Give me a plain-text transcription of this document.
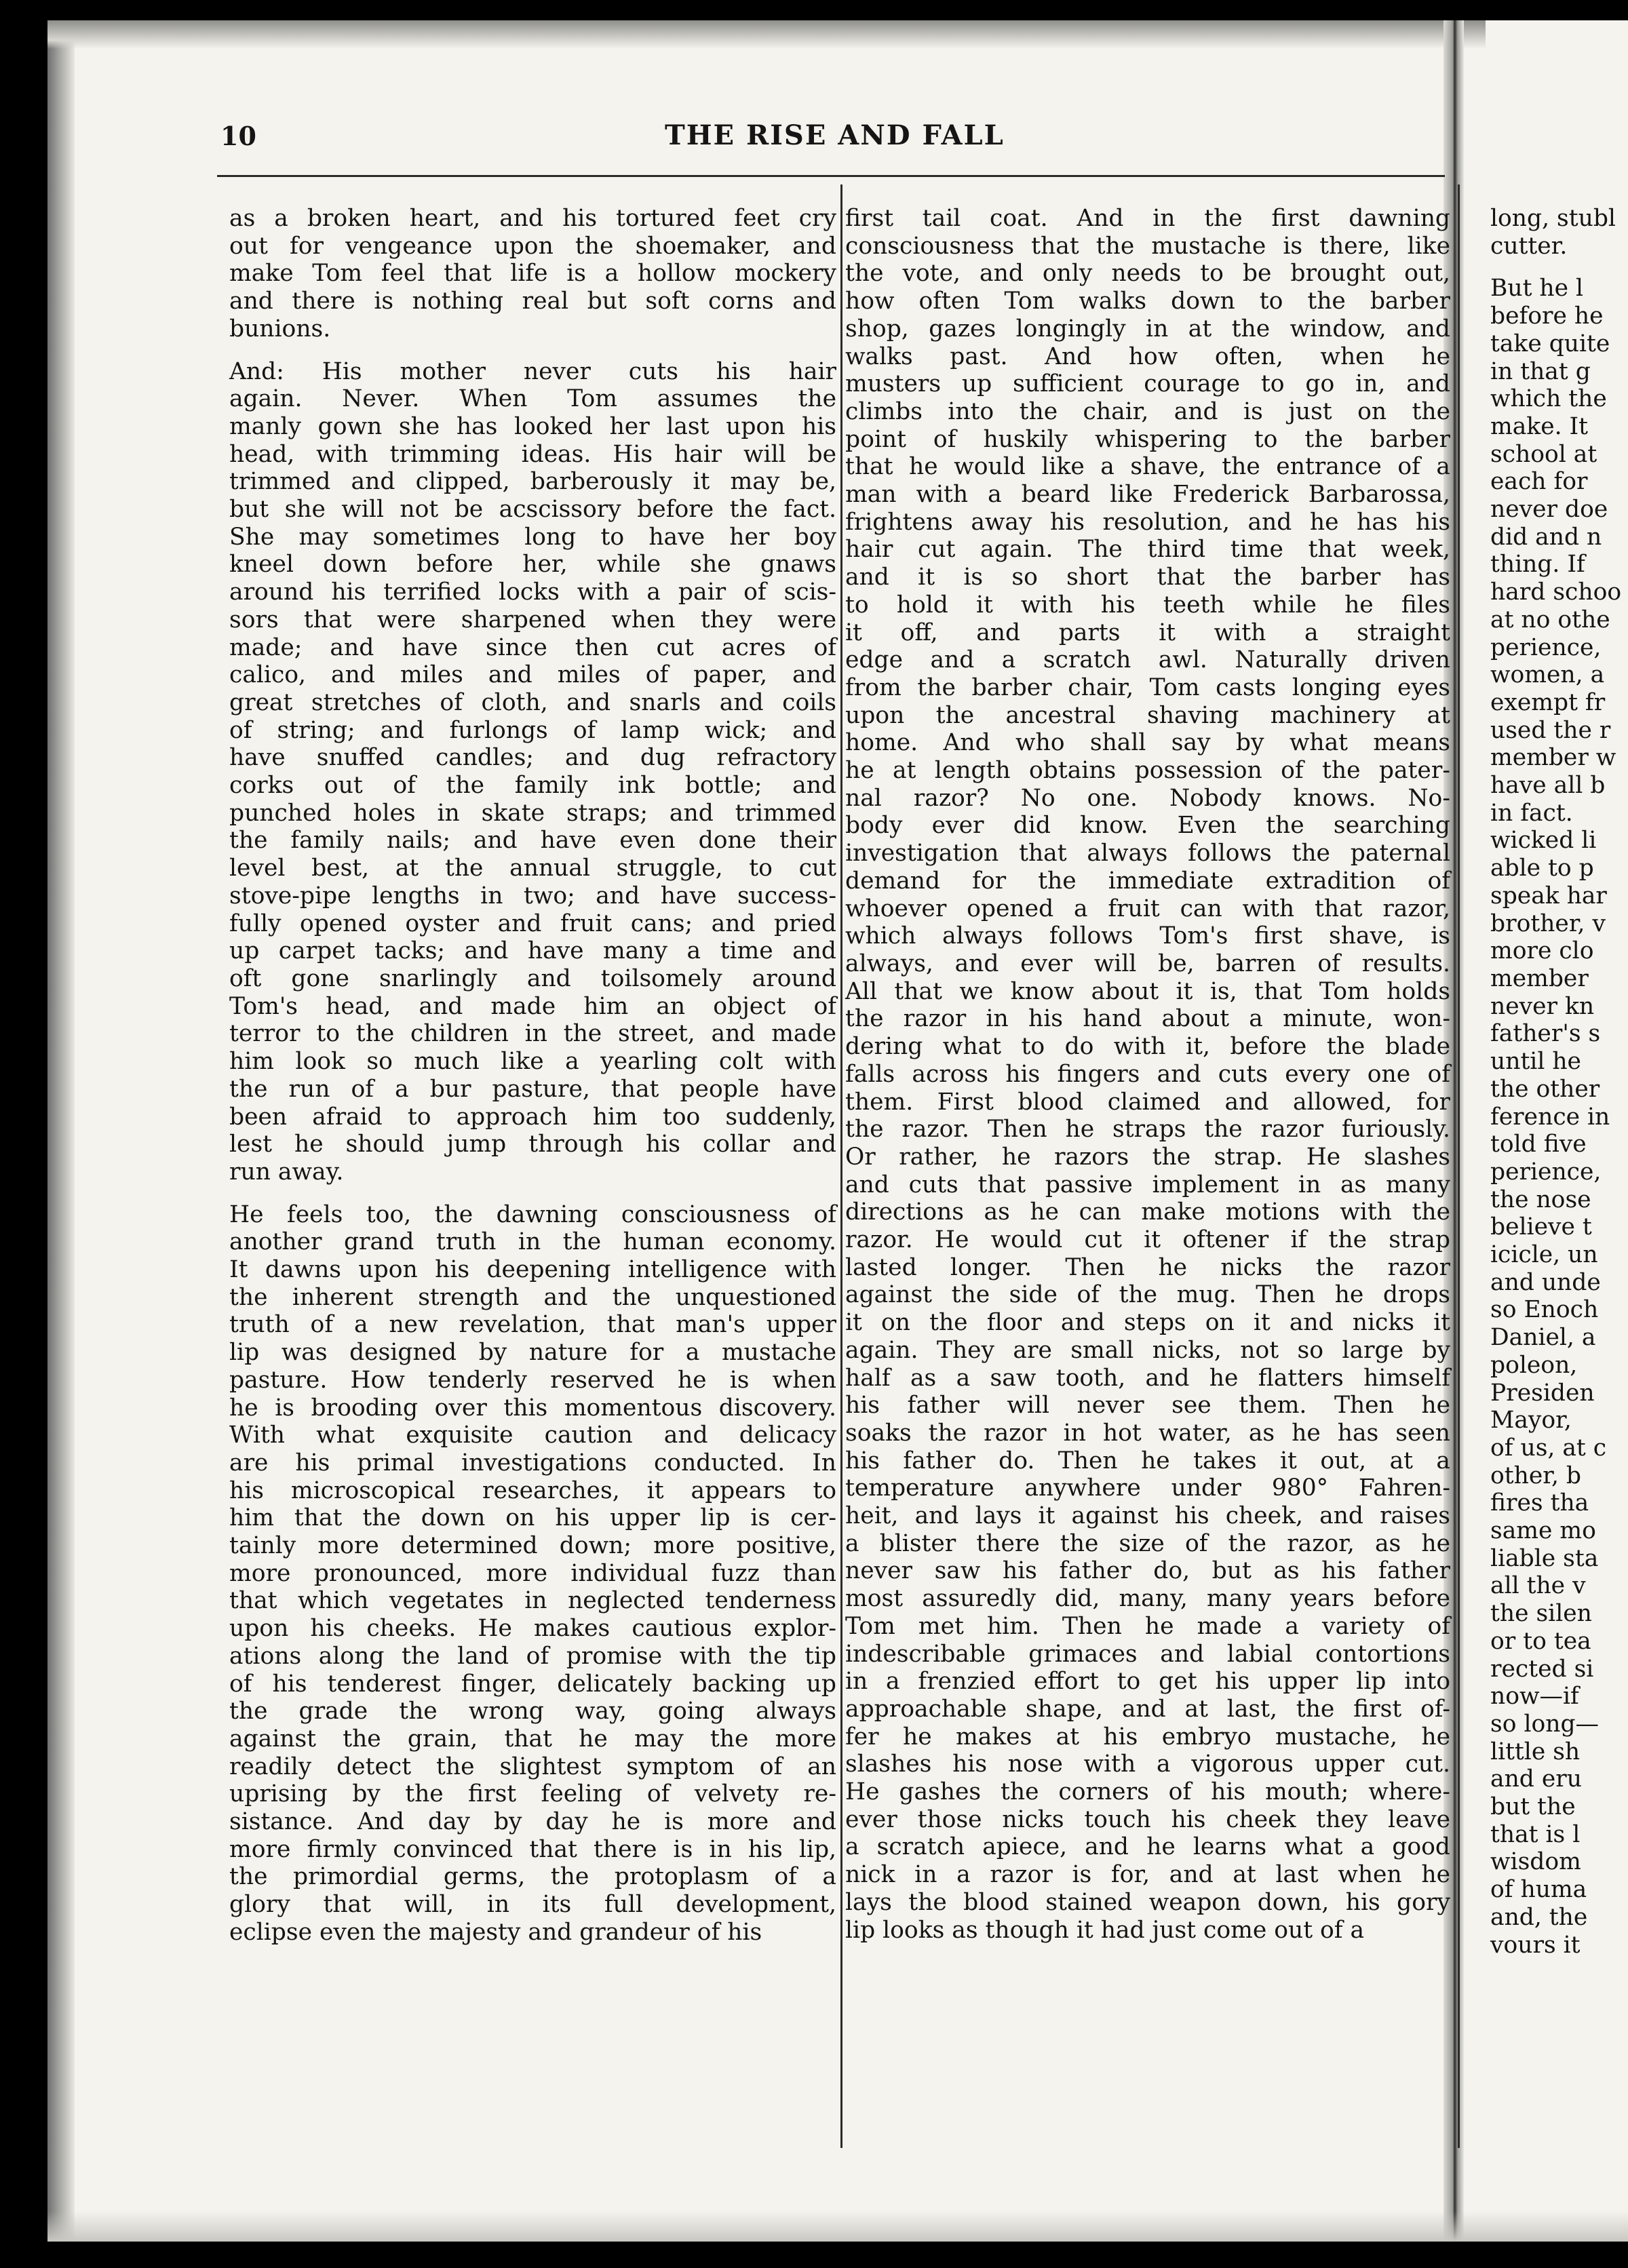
10	THE RISE AND FALL

as a broken heart, and his tortured feet cry

out for vengeance upon the shoemaker, and

make Tom feel that life is a hollow mockery

and there is nothing real but soft corns and

bunions.

And: His mother never cuts his hair

again. Never. When Tom assumes the

manly gown she has looked her last upon his

head, with trimming ideas. His hair will be

trimmed and clipped, barberously it may be,

but she will not be acscissory before the fact.

She may sometimes long to have her boy

kneel down before her, while she gnaws

around his terrified locks with a pair of scis-

sors that were sharpened when they were

made; and have since then cut acres of

calico, and miles and miles of paper, and

great stretches of cloth, and snarls and coils

of string; and furlongs of lamp wick; and

have snuffed candles; and dug refractory

corks out of the family ink bottle; and

punched holes in skate straps; and trimmed

the family nails; and have even done their

level best, at the annual struggle, to cut

stove-pipe lengths in two; and have success-

fully opened oyster and fruit cans; and pried

up carpet tacks; and have many a time and

oft gone snarlingly and toilsomely around

Tom's head, and made him an object of

terror to the children in the street, and made

him look so much like a yearling colt with

the run of a bur pasture, that people have

been afraid to approach him too suddenly,

lest he should jump through his collar and

run away.

He feels too, the dawning consciousness of

another grand truth in the human economy.

It dawns upon his deepening intelligence with

the inherent strength and the unquestioned

truth of a new revelation, that man's upper

lip was designed by nature for a mustache

pasture. How tenderly reserved he is when

he is brooding over this momentous discovery.

With what exquisite caution and delicacy

are his primal investigations conducted. In

his microscopical researches, it appears to

him that the down on his upper lip is cer-

tainly more determined down; more positive,

more pronounced, more individual fuzz than

that which vegetates in neglected tenderness

upon his cheeks. He makes cautious explor-

ations along the land of promise with the tip

of his tenderest finger, delicately backing up

the grade the wrong way, going always

against the grain, that he may the more

readily detect the slightest symptom of an

uprising by the first feeling of velvety re-

sistance. And day by day he is more and

more firmly convinced that there is in his lip,

the primordial germs, the protoplasm of a

glory that will, in its full development,

eclipse even the majesty and grandeur of his

first tail coat. And in the first dawning

consciousness that the mustache is there, like

the vote, and only needs to be brought out,

how often Tom walks down to the barber

shop, gazes longingly in at the window, and

walks past. And how often, when he

musters up sufficient courage to go in, and

climbs into the chair, and is just on the

point of huskily whispering to the barber

that he would like a shave, the entrance of a

man with a beard like Frederick Barbarossa,

frightens away his resolution, and he has his

hair cut again. The third time that week,

and it is so short that the barber has

to hold it with his teeth while he files

it off, and parts it with a straight

edge and a scratch awl. Naturally driven

from the barber chair, Tom casts longing eyes

upon the ancestral shaving machinery at

home. And who shall say by what means

he at length obtains possession of the pater-

nal razor? No one. Nobody knows. No-

body ever did know. Even the searching

investigation that always follows the paternal

demand for the immediate extradition of

whoever opened a fruit can with that razor,

which always follows Tom's first shave, is

always, and ever will be, barren of results.

All that we know about it is, that Tom holds

the razor in his hand about a minute, won-

dering what to do with it, before the blade

falls across his fingers and cuts every one of

them. First blood claimed and allowed, for

the razor. Then he straps the razor furiously.

Or rather, he razors the strap. He slashes

and cuts that passive implement in as many

directions as he can make motions with the

razor. He would cut it oftener if the strap

lasted longer. Then he nicks the razor

against the side of the mug. Then he drops

it on the floor and steps on it and nicks it

again. They are small nicks, not so large by

half as a saw tooth, and he flatters himself

his father will never see them. Then he

soaks the razor in hot water, as he has seen

his father do. Then he takes it out, at a

temperature anywhere under 980° Fahren-

heit, and lays it against his cheek, and raises

a blister there the size of the razor, as he

never saw his father do, but as his father

most assuredly did, many, many years before

Tom met him. Then he made a variety of

indescribable grimaces and labial contortions

in a frenzied effort to get his upper lip into

approachable shape, and at last, the first of-

fer he makes at his embryo mustache, he

slashes his nose with a vigorous upper cut.

He gashes the corners of his mouth; where-

ever those nicks touch his cheek they leave

a scratch apiece, and he learns what a good

nick in a razor is for, and at last when he

lays the blood stained weapon down, his gory

lip looks as though it had just come out of a

long, stubl

cutter.

But he l

before he

take quite

in that g

which the

make. It

school at

each for

never doe

did and n

thing. If

hard schoo

at no othe

perience,

women, a

exempt fr

used the r

member w

have all b

in fact.

wicked li

able to p

speak har

brother, v

more clo

member

never kn

father's s

until he

the other

ference in

told five

perience,

the nose

believe t

icicle, un

and unde

so Enoch

Daniel, a

poleon,

Presiden

Mayor,

of us, at c

other, b

fires tha

same mo

liable sta

all the v

the silen

or to tea

rected si

now—if

so long—

little sh

and eru

but the

that is l

wisdom

of huma

and, the

vours it
